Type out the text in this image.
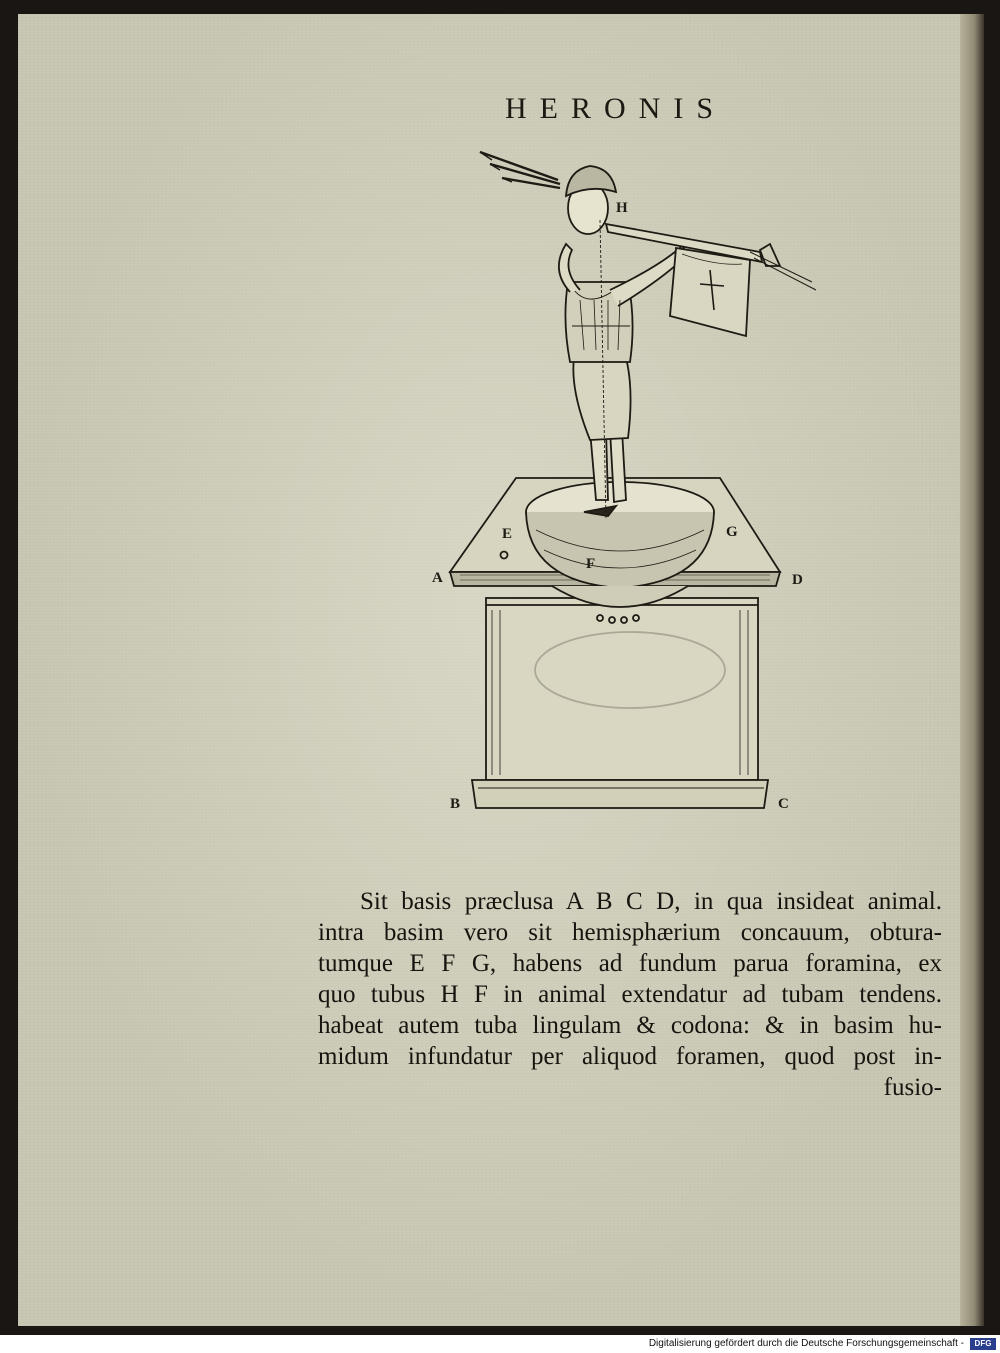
HERONIS
H
E
F
G
A	D
B	C
Sit basis præclusa A B C D, in qua insideat animal.
intra basim vero sit hemisphærium concauum, obtura-
tumque E F G, habens ad fundum parua foramina, ex
quo tubus H F in animal extendatur ad tubam tendens.
habeat autem tuba lingulam & codona: & in basim hu-
midum infundatur per aliquod foramen, quod post in-
fusio-
Digitalisierung gefördert durch die Deutsche Forschungsgemeinschaft -	DFG
